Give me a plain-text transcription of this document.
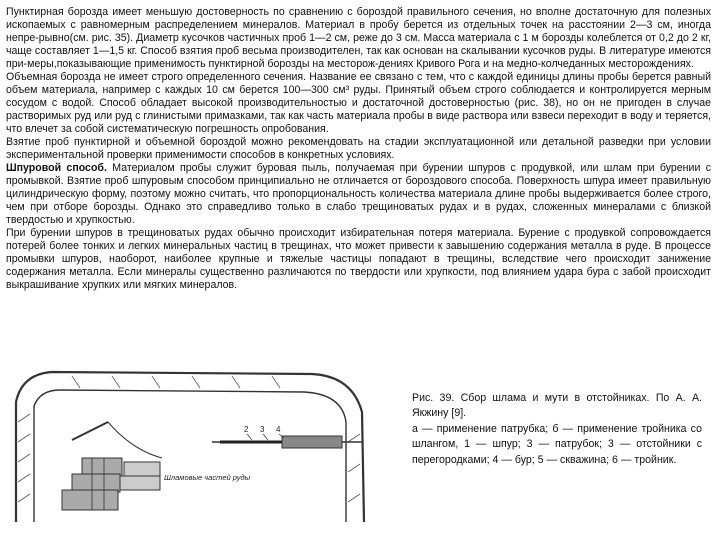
Пунктирная борозда имеет меньшую достоверность по сравнению с бороздой правильного сечения, но вполне достаточную для полезных ископаемых с равномерным распределением минералов. Материал в пробу берется из отдельных точек на расстоянии 2—3 см, иногда непре-рывно(см. рис. 35). Диаметр кусочков частичных проб 1—2 см, реже до 3 см. Масса материала с 1 м борозды колеблется от 0,2 до 2 кг, чаще составляет 1—1,5 кг. Способ взятия проб весьма производителен, так как основан на скалывании кусочков руды. В литературе имеются при-меры,показывающие применимость пунктирной борозды на месторож-дениях Кривого Рога и на медно-колчеданных месторождениях.

Объемная борозда не имеет строго определенного сечения. Название ее связано с тем, что с каждой единицы длины пробы берется равный объем материала, например с каждых 10 см берется 100—300 см³ руды. Принятый объем строго соблюдается и контролируется мерным сосудом с водой. Способ обладает высокой производительностью и достаточной достоверностью (рис. 38), но он не пригоден в случае растворимых руд или руд с глинистыми примазками, так как часть материала пробы в виде раствора или взвеси переходит в воду и теряется, что влечет за собой систематическую погрешность опробования.

Взятие проб пунктирной и объемной бороздой можно рекомендовать на стадии эксплуатационной или детальной разведки при условии экспериментальной проверки применимости способов в конкретных условиях.

Шпуровой способ. Материалом пробы служит буровая пыль, получаемая при бурении шпуров с продувкой, или шлам при бурении с промывкой. Взятие проб шпуровым способом принципиально не отличается от бороздового способа. Поверхность шпура имеет правильную цилиндрическую форму, поэтому можно считать, что пропорциональность количества материала длине пробы выдерживается более строго, чем при отборе борозды. Однако это справедливо только в слабо трещиноватых рудах и в рудах, сложенных минералами с близкой твердостью и хрупкостью.

При бурении шпуров в трещиноватых рудах обычно происходит избирательная потеря материала. Бурение с продувкой сопровождается потерей более тонких и легких минеральных частиц в трещинах, что может привести к завышению содержания металла в руде. В процессе промывки шпуров, наоборот, наиболее крупные и тяжелые частицы попадают в трещины, вследствие чего происходит занижение содержания металла. Если минералы существенно различаются по твердости или хрупкости, под влиянием удара бура с забой происходит выкрашивание хрупких или мягких минералов.

Шламовые частей руды
2 3 4

Рис. 39. Сбор шлама и мути в отстойниках. По А. А. Якжину [9].

а — применение патрубка; б — применение тройника со шлангом, 1 — шпур; 3 — патрубок; 3 — отстойники с перегородками; 4 — бур; 5 — скважина; 6 — тройник.
